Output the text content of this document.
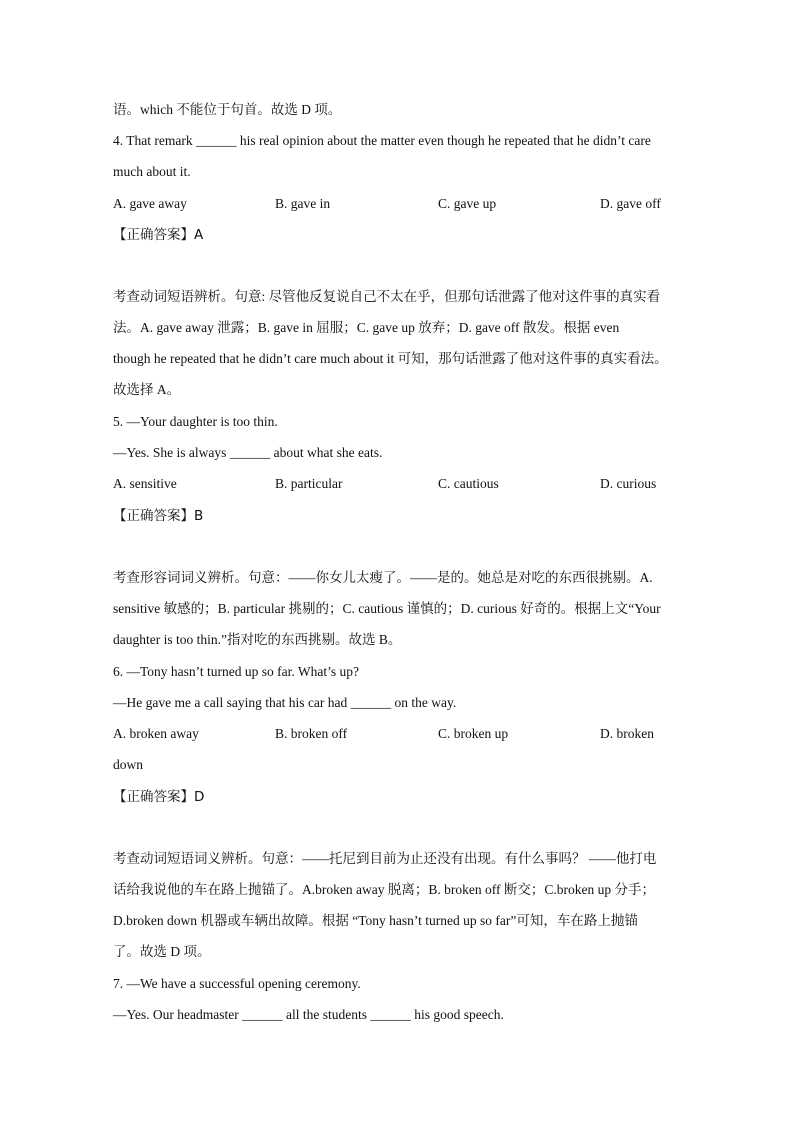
语。which 不能位于句首。故选 D 项。
4. That remark ______ his real opinion about the matter even though he repeated that he didn’t care
much about it.
A. gave away	B. gave in	C. gave up	D. gave off
【正确答案】A
考查动词短语辨析。句意: 尽管他反复说自己不太在乎，但那句话泄露了他对这件事的真实看
法。A. gave away 泄露；B. gave in 屈服；C. gave up 放弃；D. gave off 散发。根据 even
though he repeated that he didn’t care much about it 可知，那句话泄露了他对这件事的真实看法。
故选择 A。
5. —Your daughter is too thin.
—Yes. She is always ______ about what she eats.
A. sensitive	B. particular	C. cautious	D. curious
【正确答案】B
考查形容词词义辨析。句意：——你女儿太瘦了。——是的。她总是对吃的东西很挑剔。A.
sensitive 敏感的；B. particular 挑剔的；C. cautious 谨慎的；D. curious 好奇的。根据上文“Your
daughter is too thin.”指对吃的东西挑剔。故选 B。
6. —Tony hasn’t turned up so far. What’s up?
—He gave me a call saying that his car had ______ on the way.
A. broken away	B. broken off	C. broken up	D. broken
down
【正确答案】D
考查动词短语词义辨析。句意：——托尼到目前为止还没有出现。有什么事吗？ ——他打电
话给我说他的车在路上抛锚了。A.broken away 脱离；B. broken off 断交；C.broken up 分手；
D.broken down 机器或车辆出故障。根据 “Tony hasn’t turned up so far”可知，车在路上抛锚
了。故选 D 项。
7. —We have a successful opening ceremony.
—Yes. Our headmaster ______ all the students ______ his good speech.
